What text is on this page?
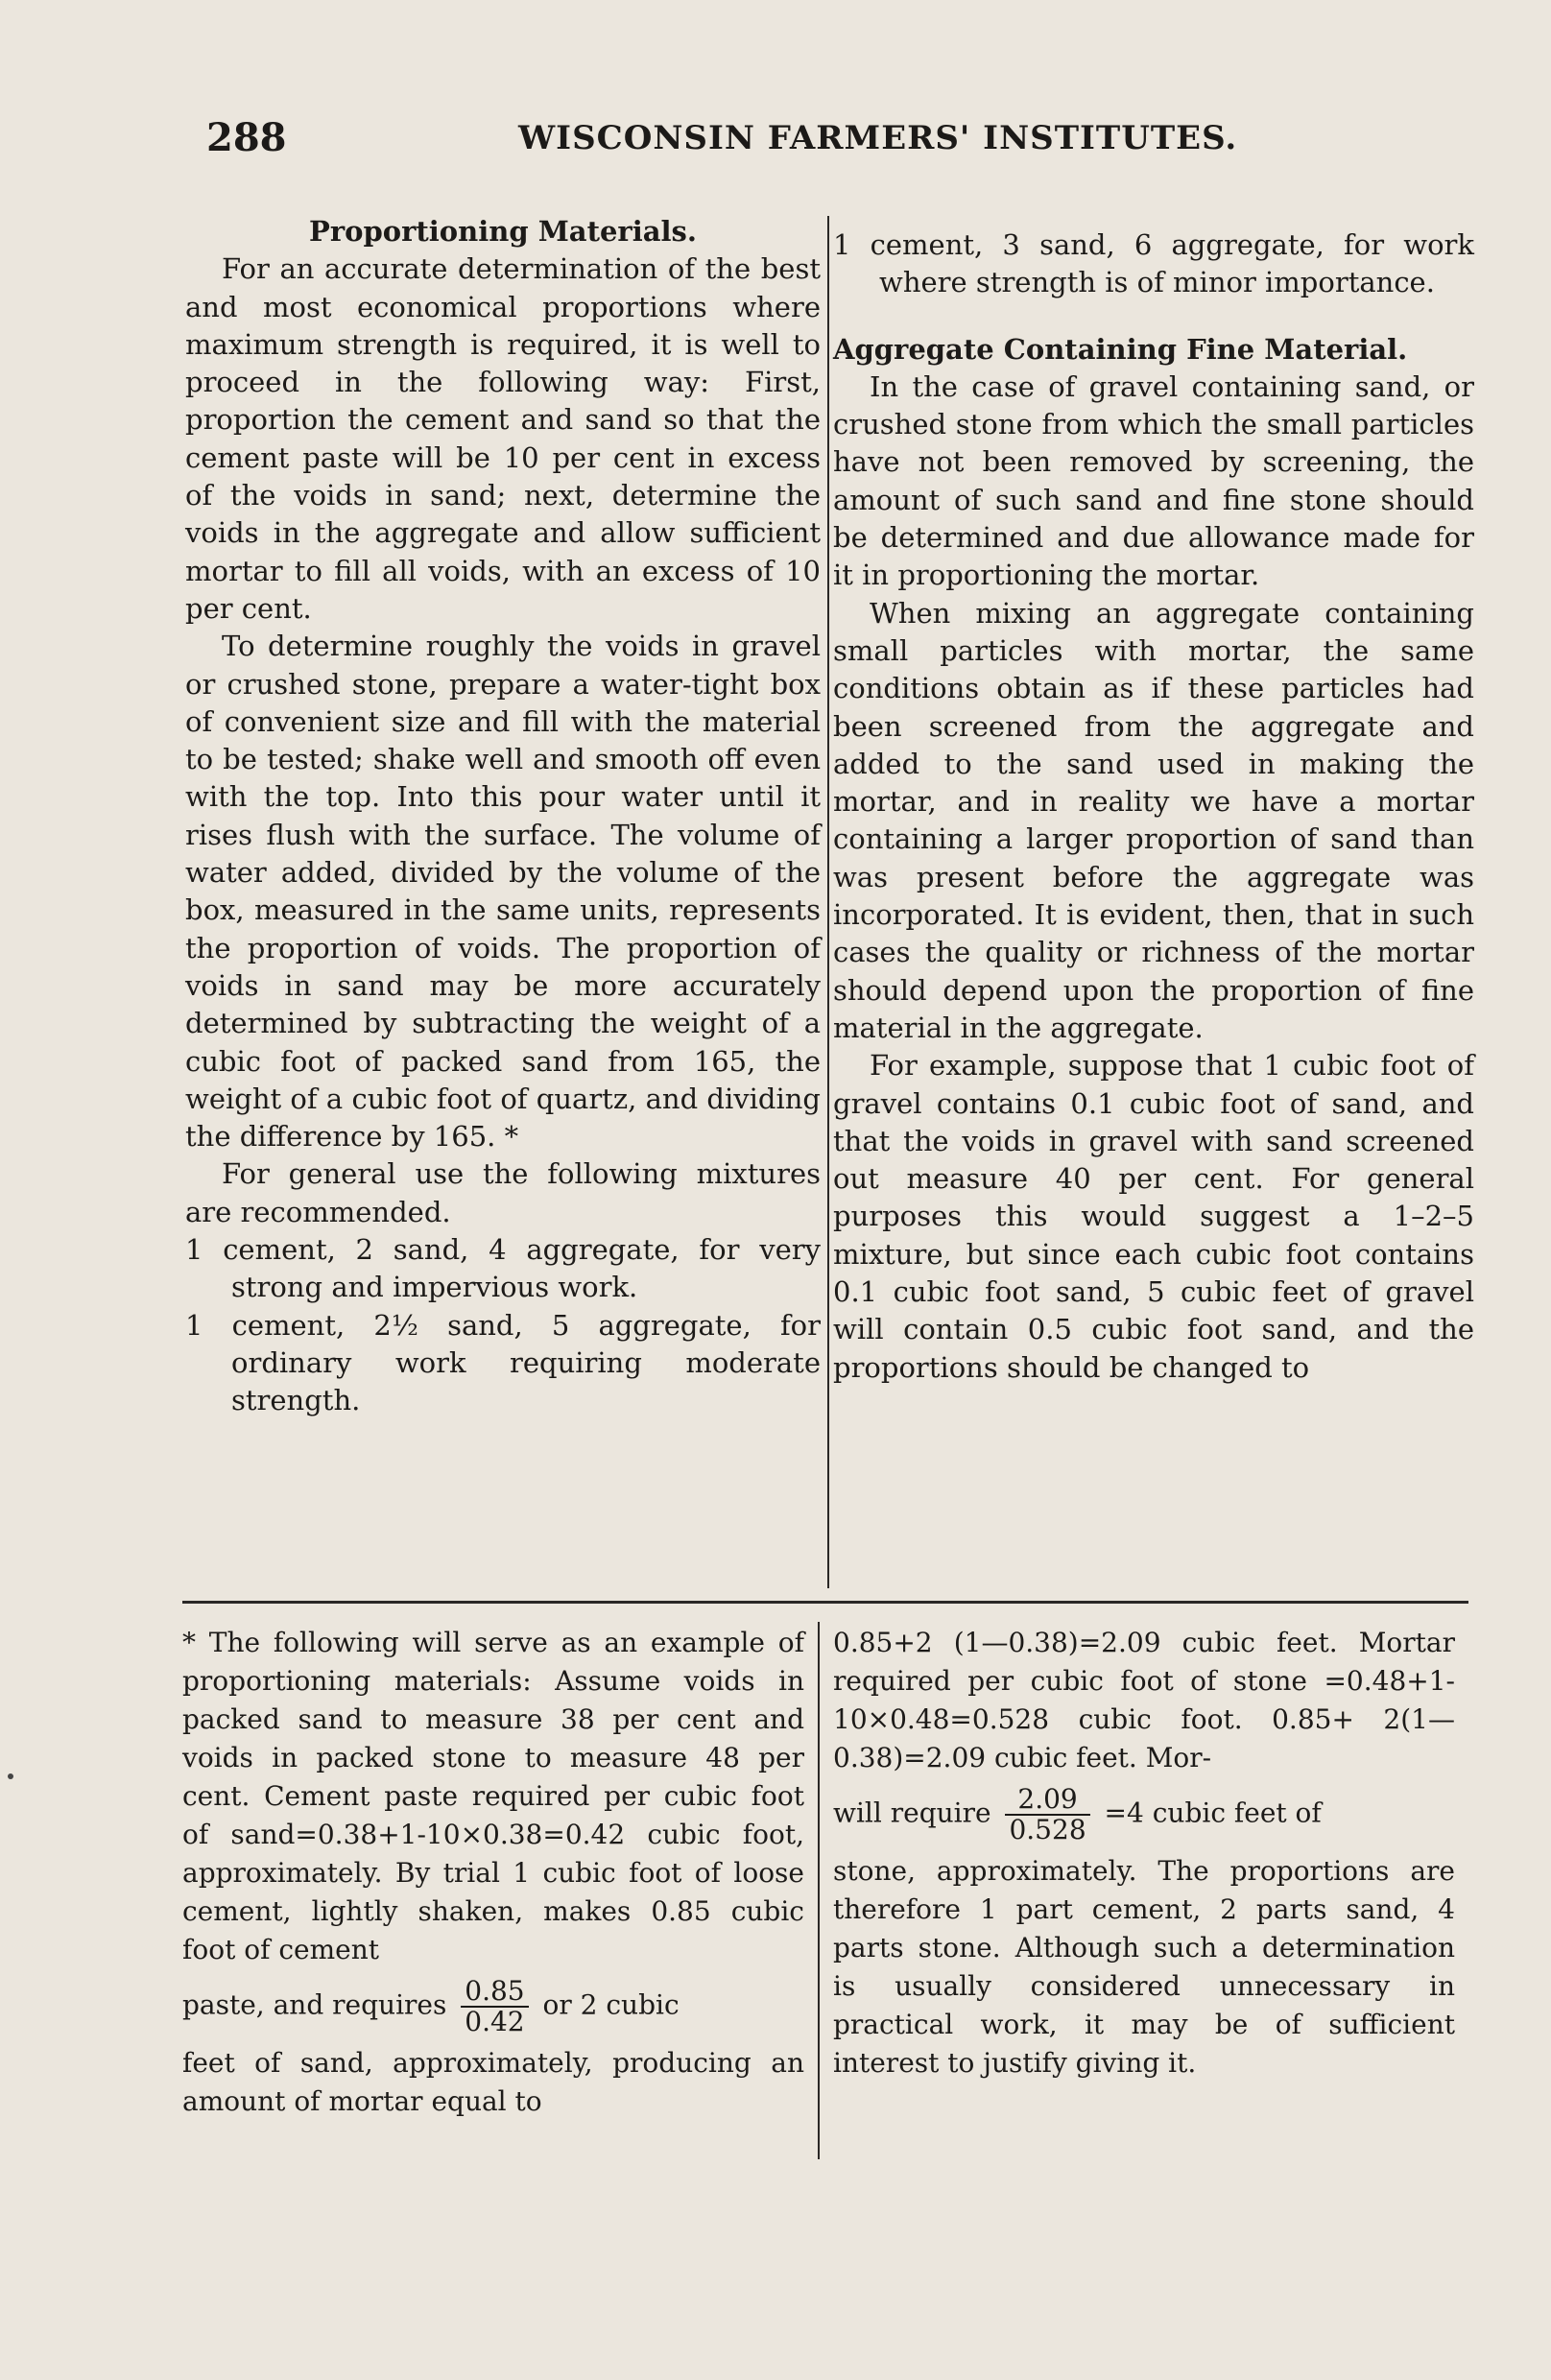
288	WISCONSIN FARMERS' INSTITUTES.

Proportioning Materials.

For an accurate determination of the best and most economical proportions where maximum strength is required, it is well to proceed in the following way: First, proportion the cement and sand so that the cement paste will be 10 per cent in excess of the voids in sand; next, determine the voids in the aggregate and allow sufficient mortar to fill all voids, with an excess of 10 per cent.

To determine roughly the voids in gravel or crushed stone, prepare a water-tight box of convenient size and fill with the material to be tested; shake well and smooth off even with the top. Into this pour water until it rises flush with the surface. The volume of water added, divided by the volume of the box, measured in the same units, represents the proportion of voids. The proportion of voids in sand may be more accurately determined by subtracting the weight of a cubic foot of packed sand from 165, the weight of a cubic foot of quartz, and dividing the difference by 165. *

For general use the following mixtures are recommended.

1 cement, 2 sand, 4 aggregate, for very strong and impervious work.

1 cement, 2½ sand, 5 aggregate, for ordinary work requiring moderate strength.

1 cement, 3 sand, 6 aggregate, for work where strength is of minor importance.

Aggregate Containing Fine Material.

In the case of gravel containing sand, or crushed stone from which the small particles have not been removed by screening, the amount of such sand and fine stone should be determined and due allowance made for it in proportioning the mortar.

When mixing an aggregate containing small particles with mortar, the same conditions obtain as if these particles had been screened from the aggregate and added to the sand used in making the mortar, and in reality we have a mortar containing a larger proportion of sand than was present before the aggregate was incorporated. It is evident, then, that in such cases the quality or richness of the mortar should depend upon the proportion of fine material in the aggregate.

For example, suppose that 1 cubic foot of gravel contains 0.1 cubic foot of sand, and that the voids in gravel with sand screened out measure 40 per cent. For general purposes this would suggest a 1–2–5 mixture, but since each cubic foot contains 0.1 cubic foot sand, 5 cubic feet of gravel will contain 0.5 cubic foot sand, and the proportions should be changed to

* The following will serve as an example of proportioning materials: Assume voids in packed sand to measure 38 per cent and voids in packed stone to measure 48 per cent. Cement paste required per cubic foot of sand=0.38+1-10×0.38=0.42 cubic foot, approximately. By trial 1 cubic foot of loose cement, lightly shaken, makes 0.85 cubic foot of cement

paste, and requires $\frac{0.85}{0.42}$ or 2 cubic

feet of sand, approximately, producing an amount of mortar equal to

0.85+2 (1—0.38)=2.09 cubic feet. Mortar required per cubic foot of stone =0.48+1-10×0.48=0.528 cubic foot. 0.85+ 2(1—0.38)=2.09 cubic feet. Mor-

will require $\frac{2.09}{0.528} =4$ cubic feet of

stone, approximately. The proportions are therefore 1 part cement, 2 parts sand, 4 parts stone. Although such a determination is usually considered unnecessary in practical work, it may be of sufficient interest to justify giving it.
